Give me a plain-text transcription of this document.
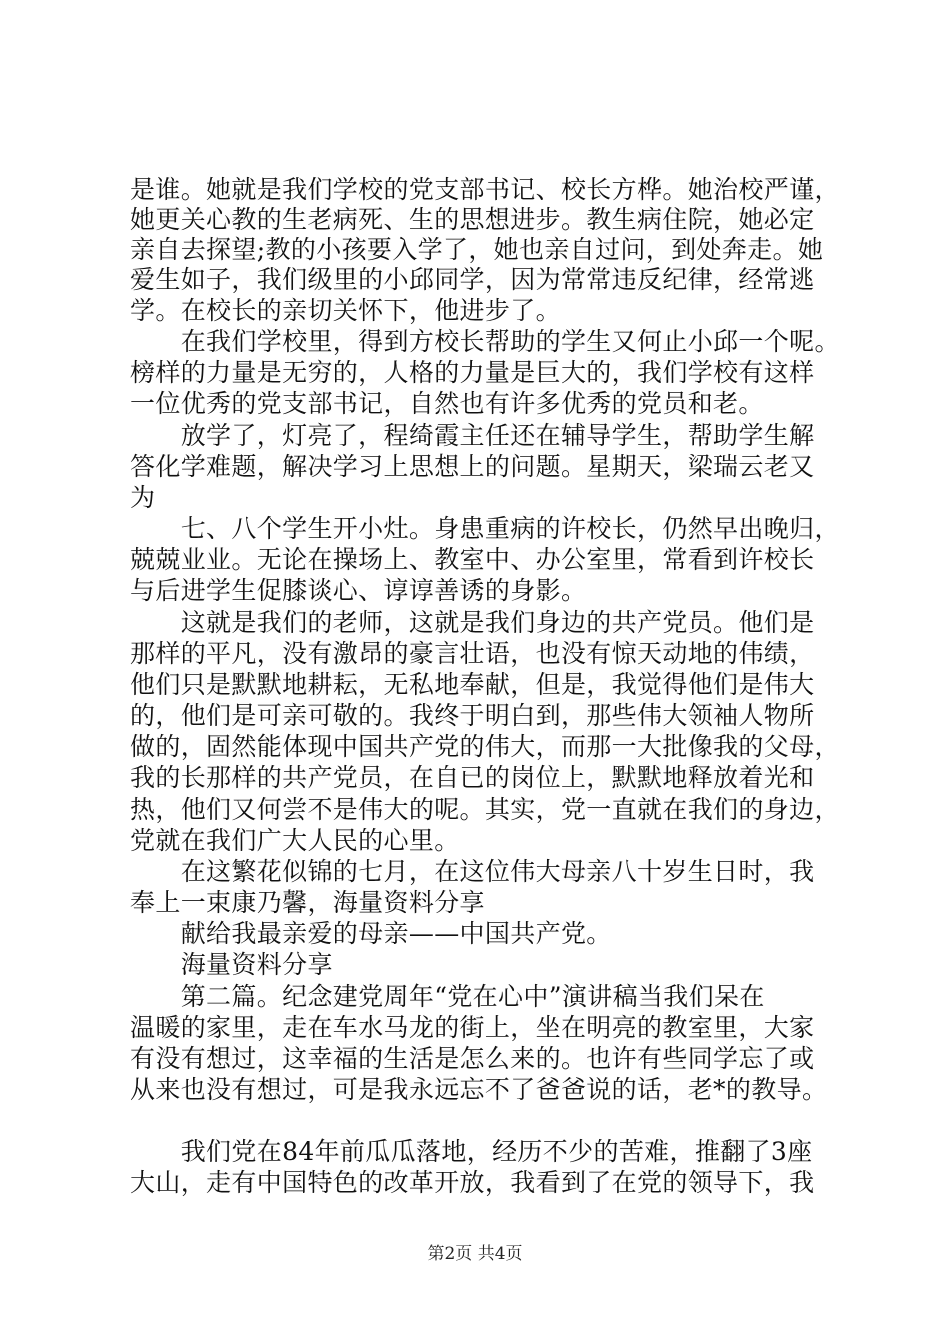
是谁。她就是我们学校的党支部书记、校长方桦。她治校严谨，
她更关心教的生老病死、生的思想进步。教生病住院，她必定
亲自去探望;教的小孩要入学了，她也亲自过问，到处奔走。她
爱生如子，我们级里的小邱同学，因为常常违反纪律，经常逃
学。在校长的亲切关怀下，他进步了。
　　在我们学校里，得到方校长帮助的学生又何止小邱一个呢。
榜样的力量是无穷的，人格的力量是巨大的，我们学校有这样
一位优秀的党支部书记，自然也有许多优秀的党员和老。
　　放学了，灯亮了，程绮霞主任还在辅导学生，帮助学生解
答化学难题，解决学习上思想上的问题。星期天，梁瑞云老又
为
　　七、八个学生开小灶。身患重病的许校长，仍然早出晚归，
兢兢业业。无论在操场上、教室中、办公室里，常看到许校长
与后进学生促膝谈心、谆谆善诱的身影。
　　这就是我们的老师，这就是我们身边的共产党员。他们是
那样的平凡，没有激昂的豪言壮语，也没有惊天动地的伟绩，
他们只是默默地耕耘，无私地奉献，但是，我觉得他们是伟大
的，他们是可亲可敬的。我终于明白到，那些伟大领袖人物所
做的，固然能体现中国共产党的伟大，而那一大批像我的父母，
我的长那样的共产党员，在自已的岗位上，默默地释放着光和
热，他们又何尝不是伟大的呢。其实，党一直就在我们的身边，
党就在我们广大人民的心里。
　　在这繁花似锦的七月，在这位伟大母亲八十岁生日时，我
奉上一束康乃馨，海量资料分享
　　献给我最亲爱的母亲——中国共产党。
　　海量资料分享
　　第二篇。纪念建党周年“党在心中”演讲稿当我们呆在
温暖的家里，走在车水马龙的街上，坐在明亮的教室里，大家
有没有想过，这幸福的生活是怎么来的。也许有些同学忘了或
从来也没有想过，可是我永远忘不了爸爸说的话，老*的教导。
　　我们党在84年前瓜瓜落地，经历不少的苦难，推翻了3座
大山，走有中国特色的改革开放，我看到了在党的领导下，我
第2页 共4页
